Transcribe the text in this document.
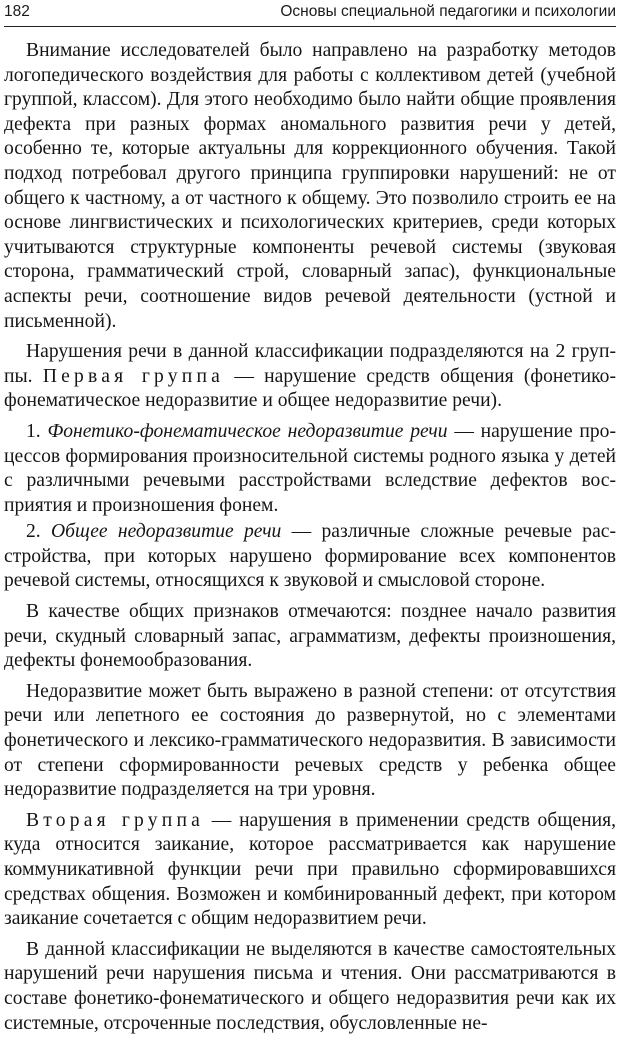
182	Основы специальной педагогики и психологии

Внимание исследователей было направлено на разработку методов логопедического воздействия для работы с коллективом детей (учебной группой, классом). Для этого необходимо было найти общие проявления дефекта при разных формах аномального развития речи у детей, особенно те, которые актуальны для коррекционного обучения. Такой подход потребовал другого принципа группировки нарушений: не от общего к частному, а от частного к общему. Это позволило строить ее на основе лингвистических и психологических критериев, среди которых учитываются структурные компоненты речевой системы (звуковая сторона, грамматический строй, словарный запас), функциональные аспекты речи, соотношение видов речевой деятельности (устной и письменной).

Нарушения речи в данной классификации подразделяются на 2 группы. Первая группа — нарушение средств общения (фонетико-фонематическое недоразвитие и общее недоразвитие речи).

1. Фонетико-фонематическое недоразвитие речи — нарушение процессов формирования произносительной системы родного языка у детей с различными речевыми расстройствами вследствие дефектов восприятия и произношения фонем.

2. Общее недоразвитие речи — различные сложные речевые расстройства, при которых нарушено формирование всех компонентов речевой системы, относящихся к звуковой и смысловой стороне.

В качестве общих признаков отмечаются: позднее начало развития речи, скудный словарный запас, аграмматизм, дефекты произношения, дефекты фонемообразования.

Недоразвитие может быть выражено в разной степени: от отсутствия речи или лепетного ее состояния до развернутой, но с элементами фонетического и лексико-грамматического недоразвития. В зависимости от степени сформированности речевых средств у ребенка общее недоразвитие подразделяется на три уровня.

Вторая группа — нарушения в применении средств общения, куда относится заикание, которое рассматривается как нарушение коммуникативной функции речи при правильно сформировавшихся средствах общения. Возможен и комбинированный дефект, при котором заикание сочетается с общим недоразвитием речи.

В данной классификации не выделяются в качестве самостоятельных нарушений речи нарушения письма и чтения. Они рассматриваются в составе фонетико-фонематического и общего недоразвития речи как их системные, отсроченные последствия, обусловленные не-
